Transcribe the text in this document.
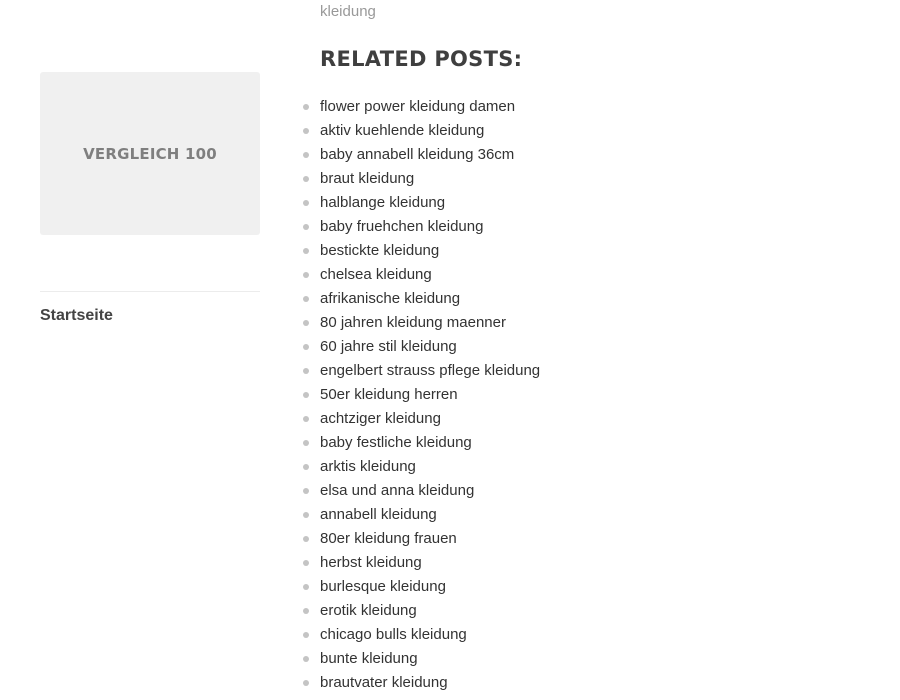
VERGLEICH 100
Startseite
kleidung
RELATED POSTS:
flower power kleidung damen
aktiv kuehlende kleidung
baby annabell kleidung 36cm
braut kleidung
halblange kleidung
baby fruehchen kleidung
bestickte kleidung
chelsea kleidung
afrikanische kleidung
80 jahren kleidung maenner
60 jahre stil kleidung
engelbert strauss pflege kleidung
50er kleidung herren
achtziger kleidung
baby festliche kleidung
arktis kleidung
elsa und anna kleidung
annabell kleidung
80er kleidung frauen
herbst kleidung
burlesque kleidung
erotik kleidung
chicago bulls kleidung
bunte kleidung
brautvater kleidung
